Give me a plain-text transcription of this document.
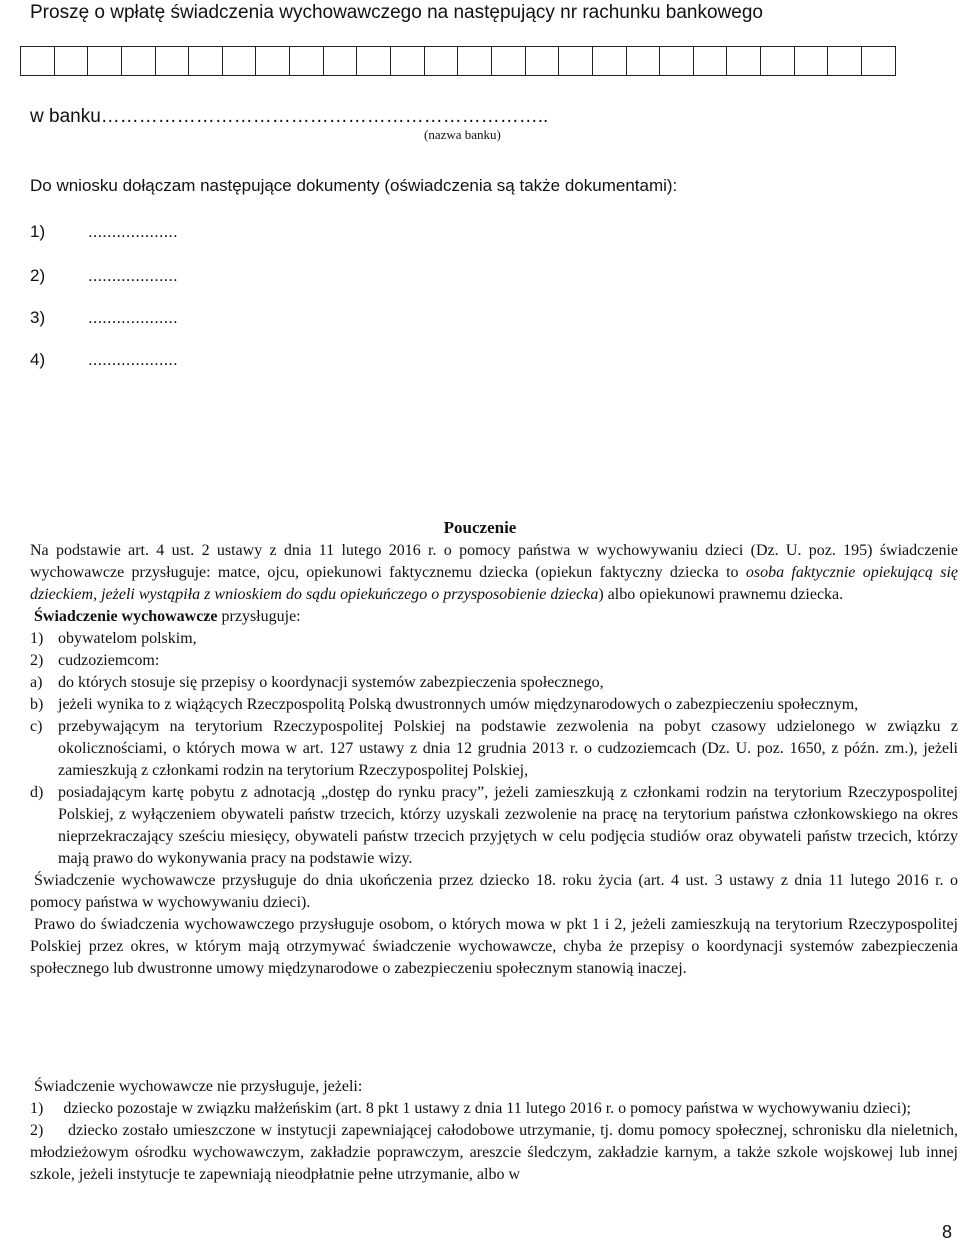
Proszę o wpłatę świadczenia wychowawczego na następujący nr rachunku bankowego

w banku……………………………………………………………..

(nazwa banku)

Do wniosku dołączam następujące dokumenty (oświadczenia są także dokumentami):

1)	...................

2)	...................

3)	...................

4)	...................

Pouczenie

Na podstawie art. 4 ust. 2 ustawy z dnia 11 lutego 2016 r. o pomocy państwa w wychowywaniu dzieci (Dz. U. poz. 195) świadczenie wychowawcze przysługuje: matce, ojcu, opiekunowi faktycznemu dziecka (opiekun faktyczny dziecka to osoba faktycznie opiekującą się dzieckiem, jeżeli wystąpiła z wnioskiem do sądu opiekuńczego o przysposobienie dziecka) albo opiekunowi prawnemu dziecka.

Świadczenie wychowawcze przysługuje:

1) obywatelom polskim,
2) cudzoziemcom:
a) do których stosuje się przepisy o koordynacji systemów zabezpieczenia społecznego,
b) jeżeli wynika to z wiążących Rzeczpospolitą Polską dwustronnych umów międzynarodowych o zabezpieczeniu społecznym,
c) przebywającym na terytorium Rzeczypospolitej Polskiej na podstawie zezwolenia na pobyt czasowy udzielonego w związku z okolicznościami, o których mowa w art. 127 ustawy z dnia 12 grudnia 2013 r. o cudzoziemcach (Dz. U. poz. 1650, z późn. zm.), jeżeli zamieszkują z członkami rodzin na terytorium Rzeczypospolitej Polskiej,
d) posiadającym kartę pobytu z adnotacją „dostęp do rynku pracy”, jeżeli zamieszkują z członkami rodzin na terytorium Rzeczypospolitej Polskiej, z wyłączeniem obywateli państw trzecich, którzy uzyskali zezwolenie na pracę na terytorium państwa członkowskiego na okres nieprzekraczający sześciu miesięcy, obywateli państw trzecich przyjętych w celu podjęcia studiów oraz obywateli państw trzecich, którzy mają prawo do wykonywania pracy na podstawie wizy.

Świadczenie wychowawcze przysługuje do dnia ukończenia przez dziecko 18. roku życia (art. 4 ust. 3 ustawy z dnia 11 lutego 2016 r. o pomocy państwa w wychowywaniu dzieci).

Prawo do świadczenia wychowawczego przysługuje osobom, o których mowa w pkt 1 i 2, jeżeli zamieszkują na terytorium Rzeczypospolitej Polskiej przez okres, w którym mają otrzymywać świadczenie wychowawcze, chyba że przepisy o koordynacji systemów zabezpieczenia społecznego lub dwustronne umowy międzynarodowe o zabezpieczeniu społecznym stanowią inaczej.

Świadczenie wychowawcze nie przysługuje, jeżeli:

1) dziecko pozostaje w związku małżeńskim (art. 8 pkt 1 ustawy z dnia 11 lutego 2016 r. o pomocy państwa w wychowywaniu dzieci);

2) dziecko zostało umieszczone w instytucji zapewniającej całodobowe utrzymanie, tj. domu pomocy społecznej, schronisku dla nieletnich, młodzieżowym ośrodku wychowawczym, zakładzie poprawczym, areszcie śledczym, zakładzie karnym, a także szkole wojskowej lub innej szkole, jeżeli instytucje te zapewniają nieodpłatnie pełne utrzymanie, albo w

8
